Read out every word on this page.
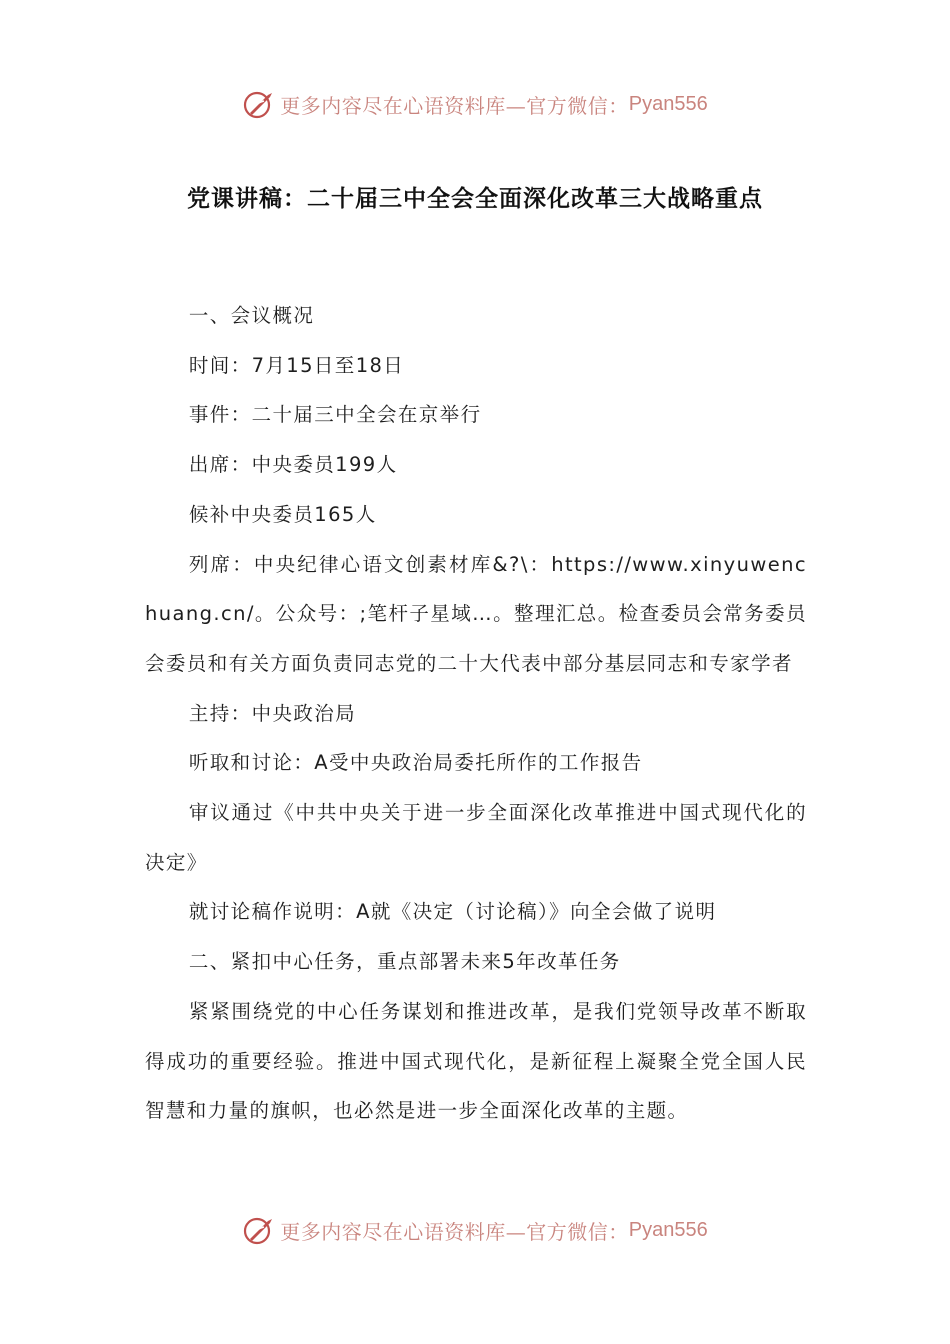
更多内容尽在心语资料库—官方微信： Pyan556
党课讲稿：二十届三中全会全面深化改革三大战略重点

一、会议概况

时间：7月15日至18日

事件：二十届三中全会在京举行

出席：中央委员199人

候补中央委员165人

列席：中央纪律心语文创素材库&?\：https://www.xinyuwenchuang.cn/。公众号：;笔杆子星域…。整理汇总。检查委员会常务委员会委员和有关方面负责同志党的二十大代表中部分基层同志和专家学者

主持：中央政治局

听取和讨论：A受中央政治局委托所作的工作报告

审议通过《中共中央关于进一步全面深化改革推进中国式现代化的决定》

就讨论稿作说明：A就《决定（讨论稿）》向全会做了说明

二、紧扣中心任务，重点部署未来5年改革任务

紧紧围绕党的中心任务谋划和推进改革，是我们党领导改革不断取得成功的重要经验。推进中国式现代化，是新征程上凝聚全党全国人民智慧和力量的旗帜，也必然是进一步全面深化改革的主题。

更多内容尽在心语资料库—官方微信： Pyan556
